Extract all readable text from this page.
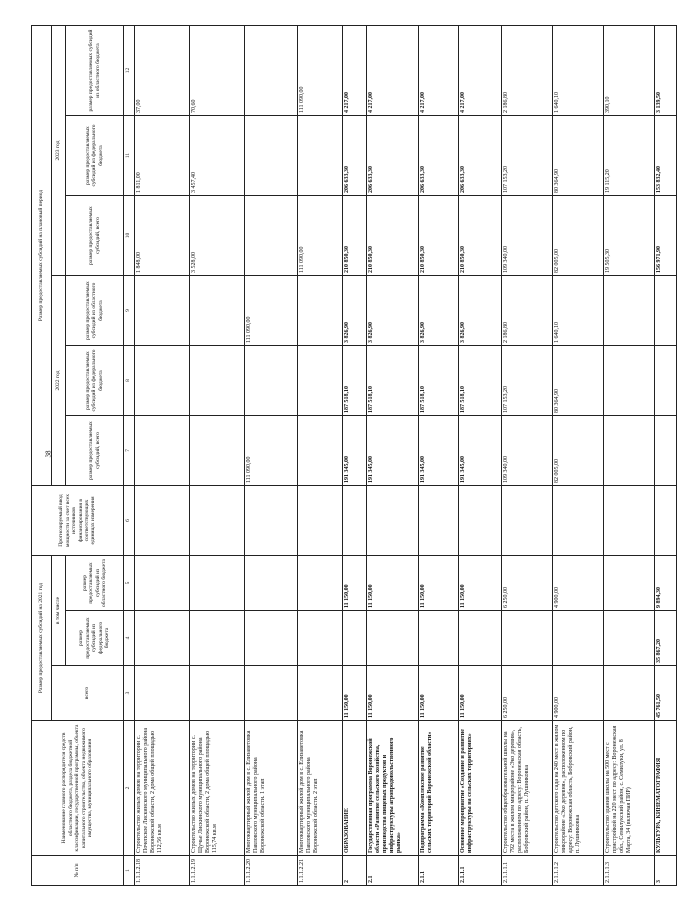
38
№ п/п	Наименование главного распорядителя средств областного бюджета, раздела бюджетной классификации, государственной программы, объекта капитального строительства, объекта недвижимого имущества, муниципального образования	Размер предоставляемых субсидий на 2021 год			Прогнозируемый ввод мощности за счет всех источников финансирования в соответствующих единицах измерения	Размер предоставляемых субсидий на плановый период					
		всего	в том числе			2022 год			2023 год		
			размер предоставляемых субсидий из федерального бюджета	размер предоставляемых субсидий из областного бюджета		размер предоставляемых субсидий, всего	размер предоставляемых субсидий из федерального бюджета	размер предоставляемых субсидий из областного бюджета	размер предоставляемых субсидий, всего	размер предоставляемых субсидий из федерального бюджета	размер предоставляемых субсидий из областного бюджета

1	2	3	4	5	6	7	8	9	10	11	12
1.1.1.2.18	Строительство жилых домов на территории с. Почепское Лискинского муниципального района Воронежской области, 2 дома общей площадью 112,56 кв.м								1 848,00	1 811,00	37,00
1.1.1.2.19	Строительство жилых домов на территории с. Щучье Лискинского муниципального района Воронежской области, 2 дома общей площадью 115,74 кв.м								3 528,00	3 457,40	70,60
1.1.1.2.20	Многоквартирный жилой дом в с. Елизаветовка Павловского муниципального района Воронежской области. 1 этап					111 090,00		111 090,00			
1.1.1.2.21	Многоквартирный жилой дом в с. Елизаветовка Павловского муниципального района Воронежской области. 2 этап								111 090,00		111 090,00
2	ОБРАЗОВАНИЕ	11 150,00		11 150,00		191 345,00	187 518,10	3 826,90	210 850,30	206 633,30	4 217,00
2.1	Государственная программа Воронежской области «Развитие сельского хозяйства, производства пищевых продуктов и инфраструктуры агропродовольственного рынка»	11 150,00		11 150,00		191 345,00	187 518,10	3 826,90	210 850,30	206 633,30	4 217,00
2.1.1	Подпрограмма «Комплексное развитие сельских территорий Воронежской области»	11 150,00		11 150,00		191 345,00	187 518,10	3 826,90	210 850,30	206 633,30	4 217,00
2.1.1.1	Основное мероприятие «Создание и развитие инфраструктуры на сельских территориях»	11 150,00		11 150,00		191 345,00	187 518,10	3 826,90	210 850,30	206 633,30	4 217,00
2.1.1.1.1	Строительство общеобразовательной школы на 792 места в жилом микрорайоне «Эко деревня», расположенном по адресу: Воронежская область, Бобровский район, п. Лушниковка	6 250,00		6 250,00		109 340,00	107 153,20	2 186,80	109 340,00	107 153,20	2 186,80
2.1.1.1.2	Строительство детского сада на 240 мест в жилом микрорайоне «Эко деревня», расположенном по адресу: Воронежская область, Бобровский район, п. Лушниковка	4 900,00		4 900,00		82 005,00	80 364,90	1 640,10	82 005,00	80 364,90	1 640,10
2.1.1.1.3	Строительство здания школы на 500 мест с пристройкой на 220 мест по адресу: Воронежская обл., Семилукский район, с. Семилуки, ул. 8 Марта, 34 (включая ПИР)								19 505,30	19 115,20	390,10
3	КУЛЬТУРА, КИНЕМАТОГРАФИЯ	45 761,50	35 867,20	9 894,30					156 971,90	153 832,40	3 139,50
